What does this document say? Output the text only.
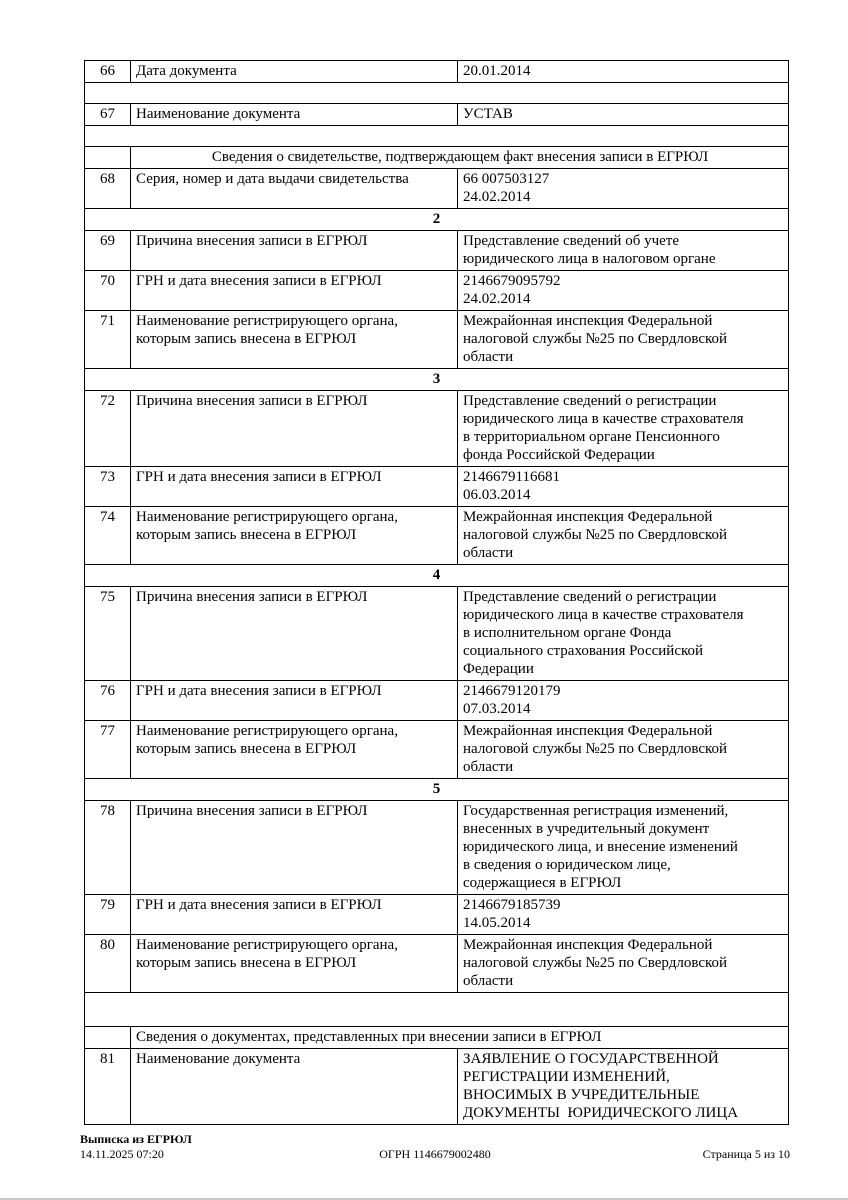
66	Дата документа	20.01.2014

67	Наименование документа	УСТАВ

	Сведения о свидетельстве, подтверждающем факт внесения записи в ЕГРЮЛ	
68	Серия, номер и дата выдачи свидетельства	66 007503127
24.02.2014
2		
69	Причина внесения записи в ЕГРЮЛ	Представление сведений об учете
юридического лица в налоговом органе
70	ГРН и дата внесения записи в ЕГРЮЛ	2146679095792
24.02.2014
71	Наименование регистрирующего органа,
которым запись внесена в ЕГРЮЛ	Межрайонная инспекция Федеральной
налоговой службы №25 по Свердловской
области
3		
72	Причина внесения записи в ЕГРЮЛ	Представление сведений о регистрации
юридического лица в качестве страхователя
в территориальном органе Пенсионного
фонда Российской Федерации
73	ГРН и дата внесения записи в ЕГРЮЛ	2146679116681
06.03.2014
74	Наименование регистрирующего органа,
которым запись внесена в ЕГРЮЛ	Межрайонная инспекция Федеральной
налоговой службы №25 по Свердловской
области
4		
75	Причина внесения записи в ЕГРЮЛ	Представление сведений о регистрации
юридического лица в качестве страхователя
в исполнительном органе Фонда
социального страхования Российской
Федерации
76	ГРН и дата внесения записи в ЕГРЮЛ	2146679120179
07.03.2014
77	Наименование регистрирующего органа,
которым запись внесена в ЕГРЮЛ	Межрайонная инспекция Федеральной
налоговой службы №25 по Свердловской
области
5		
78	Причина внесения записи в ЕГРЮЛ	Государственная регистрация изменений,
внесенных в учредительный документ
юридического лица, и внесение изменений
в сведения о юридическом лице,
содержащиеся в ЕГРЮЛ
79	ГРН и дата внесения записи в ЕГРЮЛ	2146679185739
14.05.2014
80	Наименование регистрирующего органа,
которым запись внесена в ЕГРЮЛ	Межрайонная инспекция Федеральной
налоговой службы №25 по Свердловской
области

	Сведения о документах, представленных при внесении записи в ЕГРЮЛ	
81	Наименование документа	ЗАЯВЛЕНИЕ О ГОСУДАРСТВЕННОЙ
РЕГИСТРАЦИИ ИЗМЕНЕНИЙ,
ВНОСИМЫХ В УЧРЕДИТЕЛЬНЫЕ
ДОКУМЕНТЫ  ЮРИДИЧЕСКОГО ЛИЦА
Выписка из ЕГРЮЛ
14.11.2025 07:20	ОГРН 1146679002480	Страница 5 из 10
